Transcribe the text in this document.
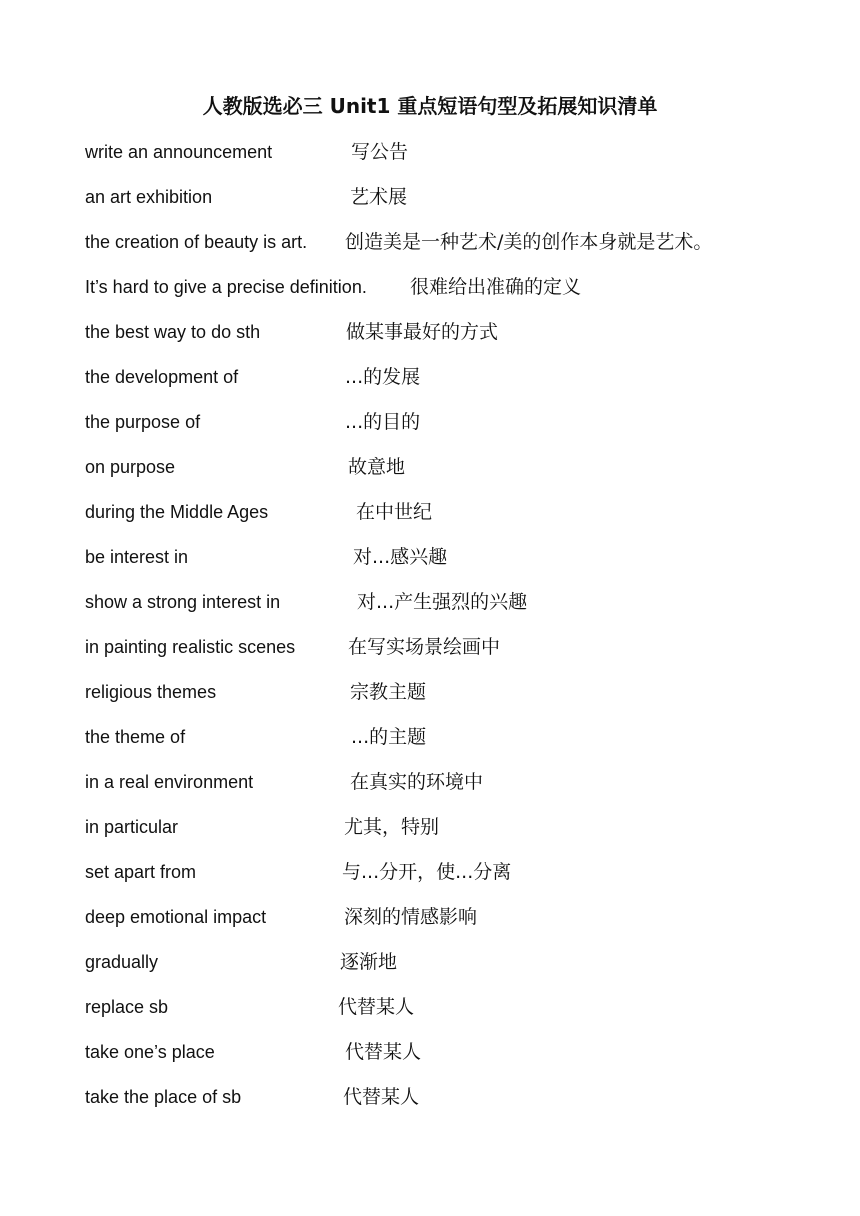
人教版选必三 Unit1 重点短语句型及拓展知识清单
write an announcement	写公告
an art exhibition	艺术展
the creation of beauty is art. 创造美是一种艺术/美的创作本身就是艺术。
It’s hard to give a precise definition. 很难给出准确的定义
the best way to do sth	做某事最好的方式
the development of	...的发展
the purpose of	...的目的
on purpose	故意地
during the Middle Ages	在中世纪
be interest in	对...感兴趣
show a strong interest in	对...产生强烈的兴趣
in painting realistic scenes	在写实场景绘画中
religious themes	宗教主题
the theme of	...的主题
in a real environment	在真实的环境中
in particular	尤其，特别
set apart from	与...分开，使...分离
deep emotional impact	深刻的情感影响
gradually	逐渐地
replace sb	代替某人
take one’s place	代替某人
take the place of sb	代替某人
